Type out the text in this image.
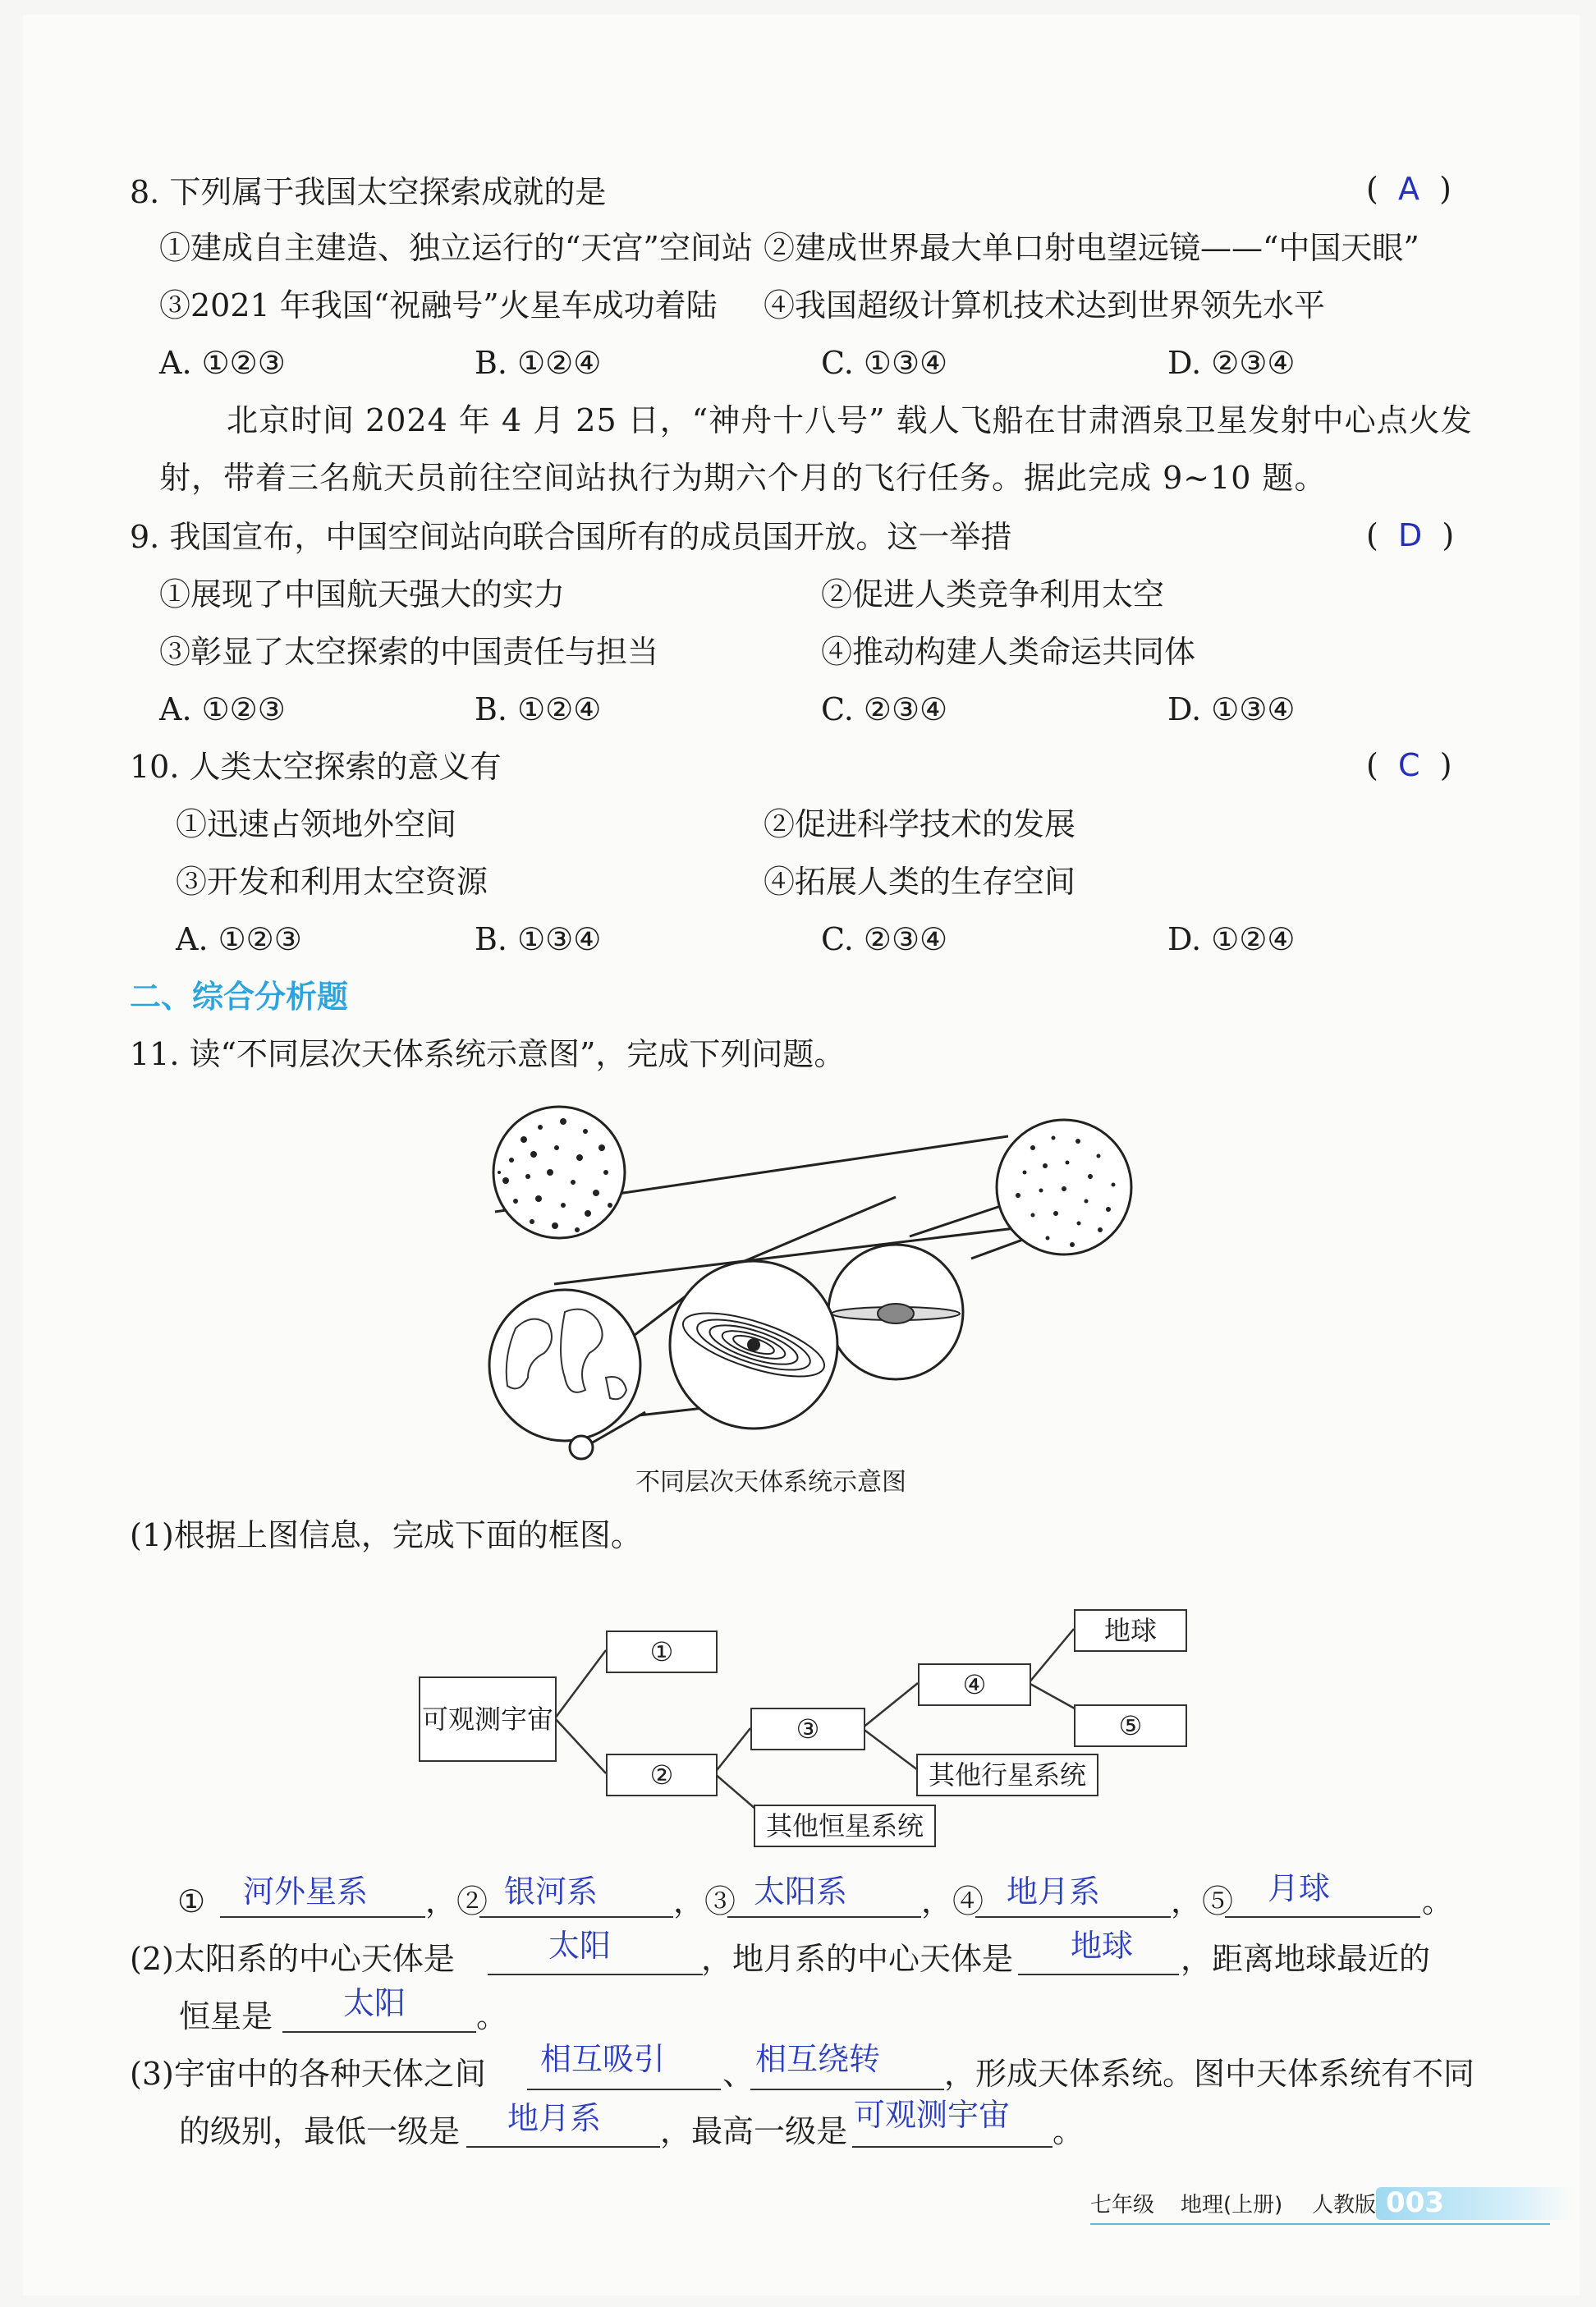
8. 下列属于我国太空探索成就的是	(  A  )
①建成自主建造、独立运行的“天宫”空间站 ②建成世界最大单口射电望远镜——“中国天眼”
③2021 年我国“祝融号”火星车成功着陆 ④我国超级计算机技术达到世界领先水平
A. ①②③	B. ①②④	C. ①③④	D. ②③④
北京时间 2024 年 4 月 25 日，“神舟十八号” 载人飞船在甘肃酒泉卫星发射中心点火发
射，带着三名航天员前往空间站执行为期六个月的飞行任务。据此完成 9~10 题。
9. 我国宣布，中国空间站向联合国所有的成员国开放。这一举措	(  D  )
①展现了中国航天强大的实力	②促进人类竞争利用太空
③彰显了太空探索的中国责任与担当	④推动构建人类命运共同体
A. ①②③	B. ①②④	C. ②③④	D. ①③④
10. 人类太空探索的意义有	(  C  )
①迅速占领地外空间	②促进科学技术的发展
③开发和利用太空资源	④拓展人类的生存空间
A. ①②③	B. ①③④	C. ②③④	D. ①②④
二、综合分析题
11. 读“不同层次天体系统示意图”，完成下列问题。
不同层次天体系统示意图
(1)根据上图信息，完成下面的框图。
可观测宇宙
①
②
③
④
地球
⑤
其他行星系统
其他恒星系统
① 河外星系 ，② 银河系 ，③ 太阳系 ，④ 地月系 ，⑤ 月球	。
(2)太阳系的中心天体是	太阳	，地月系的中心天体是 地球 ，距离地球最近的
恒星是 太阳 。
(3)宇宙中的各种天体之间 相互吸引 、 相互绕转 ，形成天体系统。图中天体系统有不同
的级别，最低一级是 地月系 ，最高一级是 可观测宇宙 。
七年级 地理(上册) 人教版 003
